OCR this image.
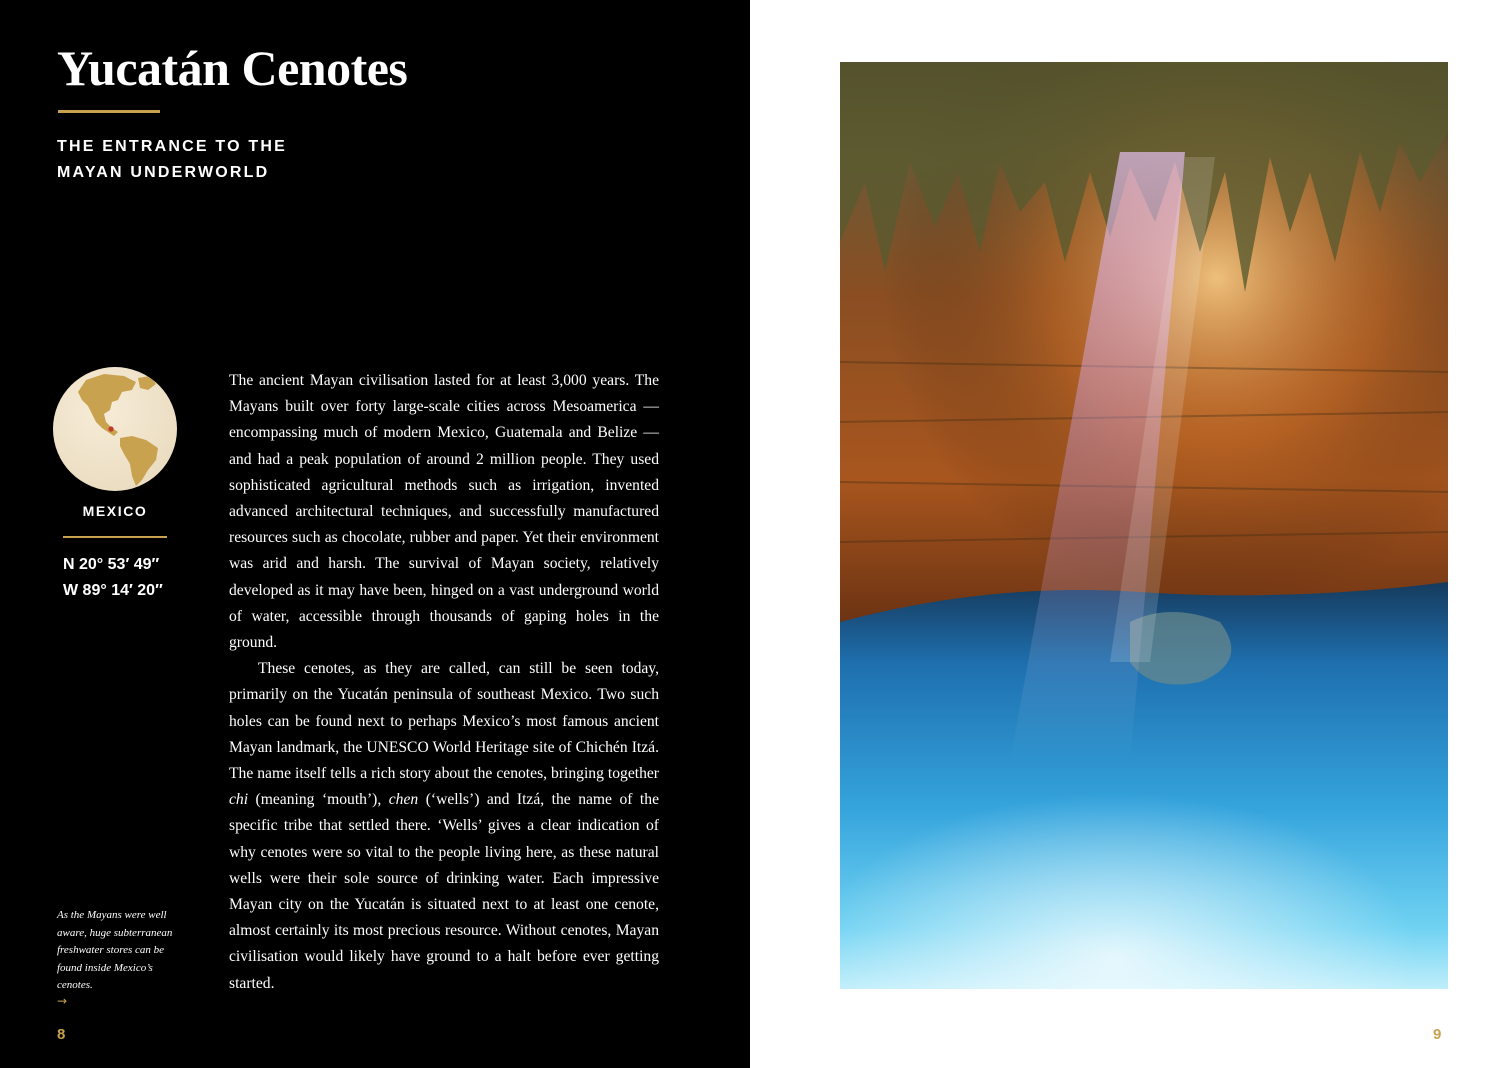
Yucatán Cenotes
THE ENTRANCE TO THE
MAYAN UNDERWORLD
MEXICO
N 20° 53′ 49″
W 89° 14′ 20″

The ancient Mayan civilisation lasted for at least 3,000 years. The Mayans built over forty large-scale cities across Mesoamerica — encompassing much of modern Mexico, Guatemala and Belize — and had a peak population of around 2 million people. They used sophisticated agricultural methods such as irrigation, invented advanced architectural techniques, and successfully manufactured resources such as chocolate, rubber and paper. Yet their environment was arid and harsh. The survival of Mayan society, relatively developed as it may have been, hinged on a vast underground world of water, accessible through thousands of gaping holes in the ground.

These cenotes, as they are called, can still be seen today, primarily on the Yucatán peninsula of southeast Mexico. Two such holes can be found next to perhaps Mexico’s most famous ancient Mayan landmark, the UNESCO World Heritage site of Chichén Itzá. The name itself tells a rich story about the cenotes, bringing together chi (meaning ‘mouth’), chen (‘wells’) and Itzá, the name of the specific tribe that settled there. ‘Wells’ gives a clear indication of why cenotes were so vital to the people living here, as these natural wells were their sole source of drinking water. Each impressive Mayan city on the Yucatán is situated next to at least one cenote, almost certainly its most precious resource. Without cenotes, Mayan civilisation would likely have ground to a halt before ever getting started.

As the Mayans were well aware, huge subterranean freshwater stores can be found inside Mexico’s cenotes.
→
8	9
